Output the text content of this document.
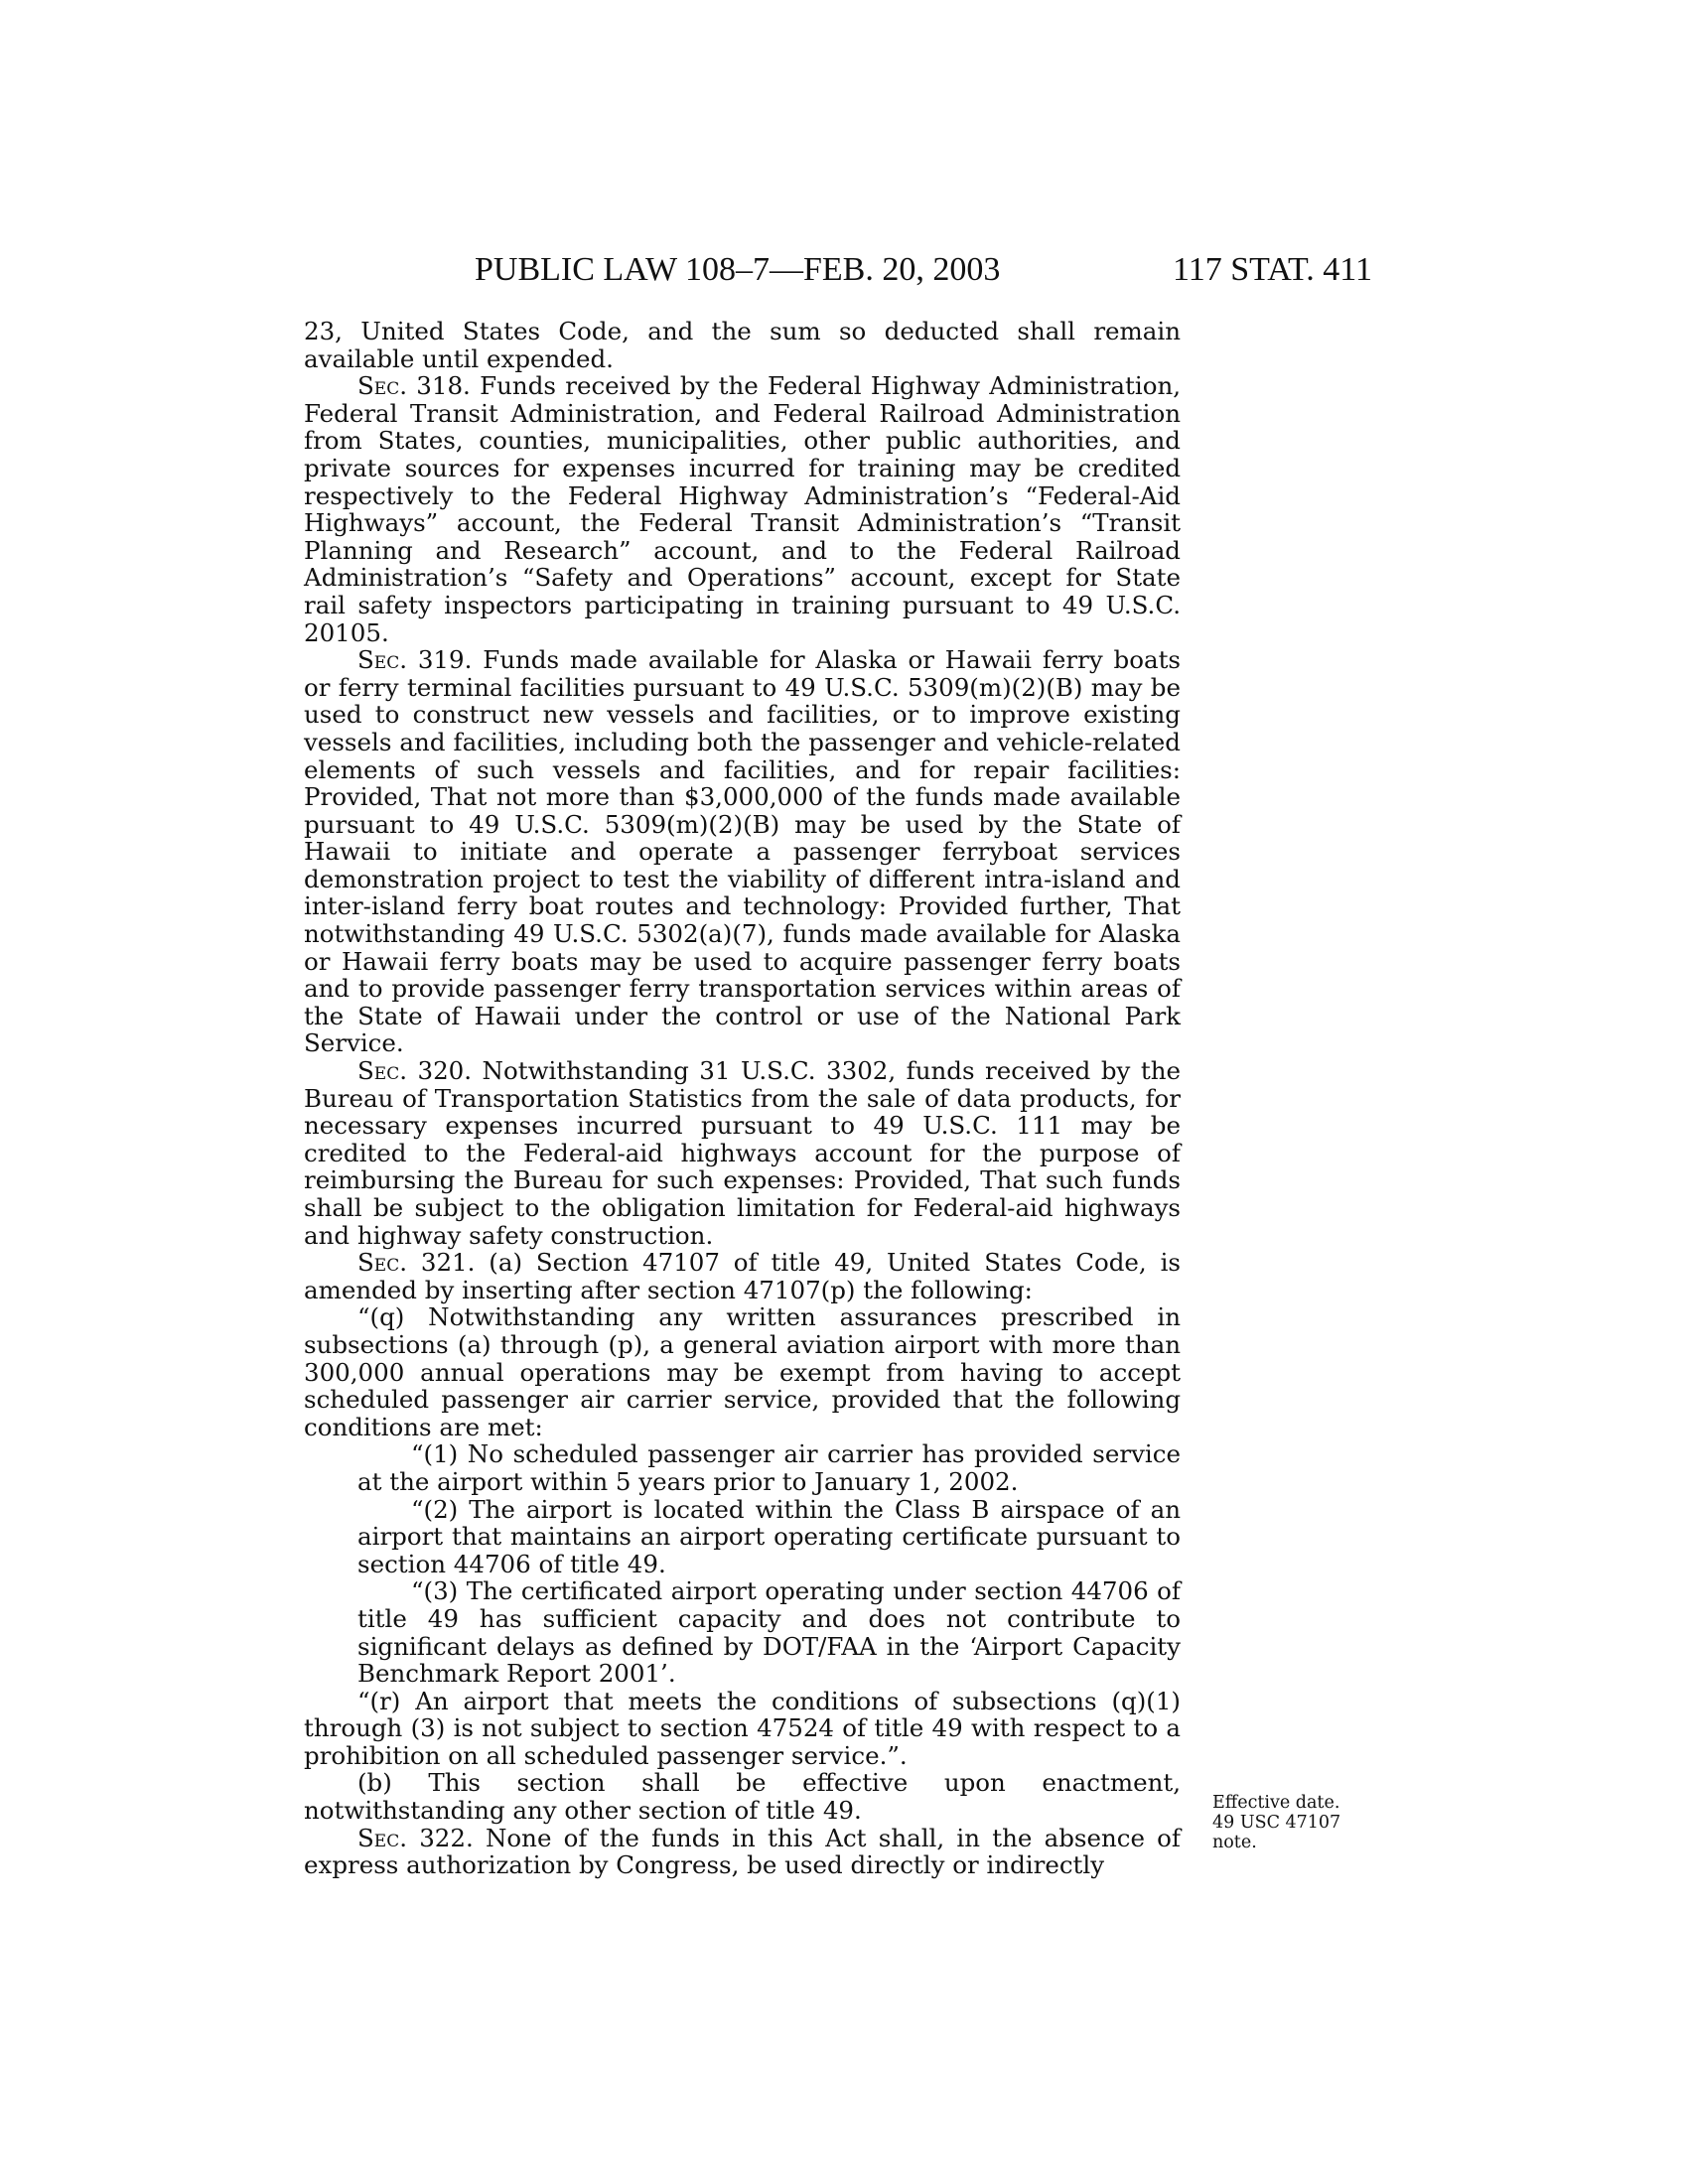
PUBLIC LAW 108–7—FEB. 20, 2003	117 STAT. 411

23, United States Code, and the sum so deducted shall remain available until expended.

Sec. 318. Funds received by the Federal Highway Administration, Federal Transit Administration, and Federal Railroad Administration from States, counties, municipalities, other public authorities, and private sources for expenses incurred for training may be credited respectively to the Federal Highway Administration’s “Federal-Aid Highways” account, the Federal Transit Administration’s “Transit Planning and Research” account, and to the Federal Railroad Administration’s “Safety and Operations” account, except for State rail safety inspectors participating in training pursuant to 49 U.S.C. 20105.

Sec. 319. Funds made available for Alaska or Hawaii ferry boats or ferry terminal facilities pursuant to 49 U.S.C. 5309(m)(2)(B) may be used to construct new vessels and facilities, or to improve existing vessels and facilities, including both the passenger and vehicle-related elements of such vessels and facilities, and for repair facilities: Provided, That not more than $3,000,000 of the funds made available pursuant to 49 U.S.C. 5309(m)(2)(B) may be used by the State of Hawaii to initiate and operate a passenger ferryboat services demonstration project to test the viability of different intra-island and inter-island ferry boat routes and technology: Provided further, That notwithstanding 49 U.S.C. 5302(a)(7), funds made available for Alaska or Hawaii ferry boats may be used to acquire passenger ferry boats and to provide passenger ferry transportation services within areas of the State of Hawaii under the control or use of the National Park Service.

Sec. 320. Notwithstanding 31 U.S.C. 3302, funds received by the Bureau of Transportation Statistics from the sale of data products, for necessary expenses incurred pursuant to 49 U.S.C. 111 may be credited to the Federal-aid highways account for the purpose of reimbursing the Bureau for such expenses: Provided, That such funds shall be subject to the obligation limitation for Federal-aid highways and highway safety construction.

Sec. 321. (a) Section 47107 of title 49, United States Code, is amended by inserting after section 47107(p) the following:

“(q) Notwithstanding any written assurances prescribed in subsections (a) through (p), a general aviation airport with more than 300,000 annual operations may be exempt from having to accept scheduled passenger air carrier service, provided that the following conditions are met:

“(1) No scheduled passenger air carrier has provided service at the airport within 5 years prior to January 1, 2002.

“(2) The airport is located within the Class B airspace of an airport that maintains an airport operating certificate pursuant to section 44706 of title 49.

“(3) The certificated airport operating under section 44706 of title 49 has sufficient capacity and does not contribute to significant delays as defined by DOT/FAA in the ‘Airport Capacity Benchmark Report 2001’.

“(r) An airport that meets the conditions of subsections (q)(1) through (3) is not subject to section 47524 of title 49 with respect to a prohibition on all scheduled passenger service.”.

(b) This section shall be effective upon enactment, notwithstanding any other section of title 49.

Sec. 322. None of the funds in this Act shall, in the absence of express authorization by Congress, be used directly or indirectly

Effective date.
49 USC 47107
note.
